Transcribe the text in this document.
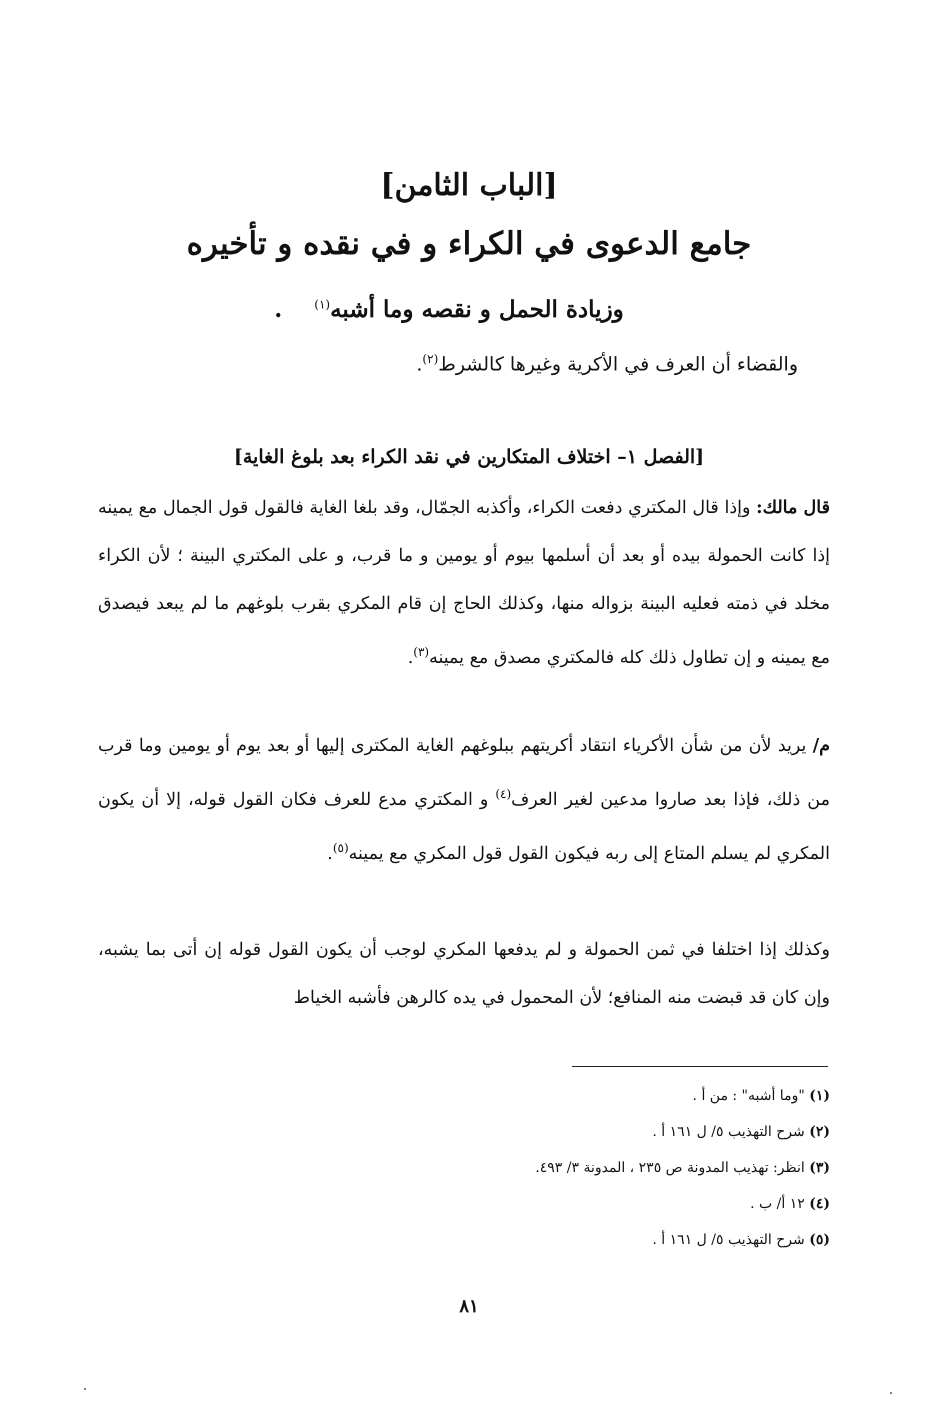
[الباب الثامن]
جامع الدعوى في الكراء و في نقده و تأخيره
وزيادة الحمل و نقصه وما أشبه$^{(١)}$ .
والقضاء أن العرف في الأكرية وغيرها كالشرط$^{(٢)}$.
[الفصل ١– اختلاف المتكارين في نقد الكراء بعد بلوغ الغاية]
قال مالك: وإذا قال المكتري دفعت الكراء، وأكذبه الجمّال، وقد بلغا الغاية فالقول قول الجمال مع يمينه إذا كانت الحمولة بيده أو بعد أن أسلمها بيوم أو يومين و ما قرب، و على المكتري البينة ؛ لأن الكراء مخلد في ذمته فعليه البينة بزواله منها، وكذلك الحاج إن قام المكري بقرب بلوغهم ما لم يبعد فيصدق مع يمينه و إن تطاول ذلك كله فالمكتري مصدق مع يمينه$^{(٣)}$.
م/ يريد لأن من شأن الأكرياء انتقاد أكريتهم ببلوغهم الغاية المكترى إليها أو بعد يوم أو يومين وما قرب من ذلك، فإذا بعد صاروا مدعين لغير العرف$^{(٤)}$ و المكتري مدع للعرف فكان القول قوله، إلا أن يكون المكري لم يسلم المتاع إلى ربه فيكون القول قول المكري مع يمينه$^{(٥)}$.
وكذلك إذا اختلفا في ثمن الحمولة و لم يدفعها المكري لوجب أن يكون القول قوله إن أتى بما يشبه، وإن كان قد قبضت منه المنافع؛ لأن المحمول في يده كالرهن فأشبه الخياط
(١) "وما أشبه" : من أ .
(٢) شرح التهذيب ٥/ ل ١٦١ أ .
(٣) انظر: تهذيب المدونة ص ٢٣٥ ، المدونة ٣/ ٤٩٣.
(٤) ١٢ أ/ ب .
(٥) شرح التهذيب ٥/ ل ١٦١ أ .
٨١
